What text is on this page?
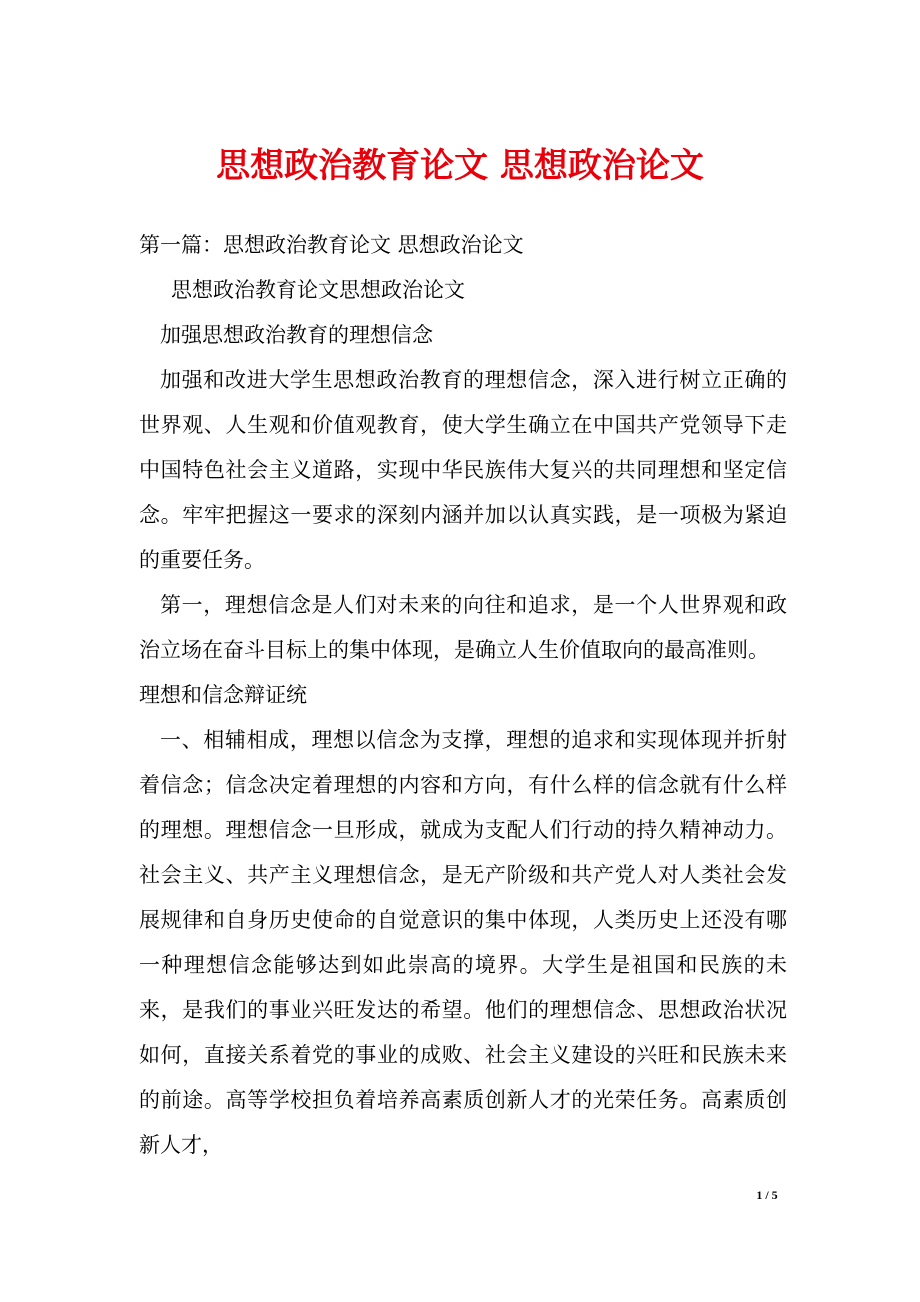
思想政治教育论文 思想政治论文

第一篇：思想政治教育论文 思想政治论文

思想政治教育论文思想政治论文

加强思想政治教育的理想信念

加强和改进大学生思想政治教育的理想信念，深入进行树立正确的世界观、人生观和价值观教育，使大学生确立在中国共产党领导下走中国特色社会主义道路，实现中华民族伟大复兴的共同理想和坚定信念。牢牢把握这一要求的深刻内涵并加以认真实践，是一项极为紧迫的重要任务。

第一，理想信念是人们对未来的向往和追求，是一个人世界观和政治立场在奋斗目标上的集中体现，是确立人生价值取向的最高准则。

理想和信念辩证统

一、相辅相成，理想以信念为支撑，理想的追求和实现体现并折射着信念；信念决定着理想的内容和方向，有什么样的信念就有什么样的理想。理想信念一旦形成，就成为支配人们行动的持久精神动力。社会主义、共产主义理想信念，是无产阶级和共产党人对人类社会发展规律和自身历史使命的自觉意识的集中体现，人类历史上还没有哪一种理想信念能够达到如此崇高的境界。大学生是祖国和民族的未来，是我们的事业兴旺发达的希望。他们的理想信念、思想政治状况如何，直接关系着党的事业的成败、社会主义建设的兴旺和民族未来的前途。高等学校担负着培养高素质创新人才的光荣任务。高素质创新人才，

1 / 5
